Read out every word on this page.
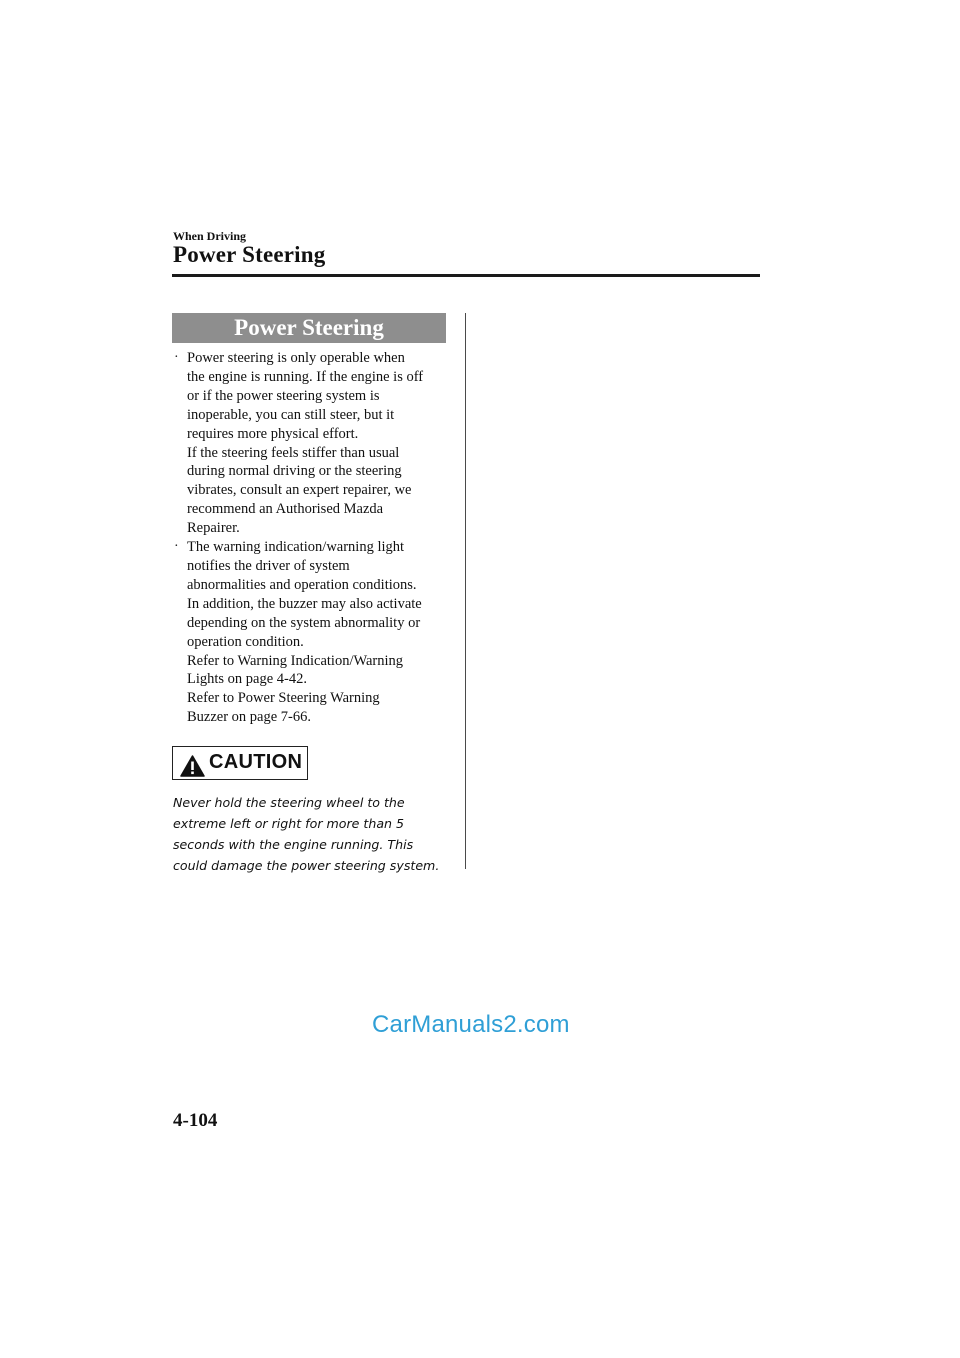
When Driving
Power Steering
Power Steering
· Power steering is only operable when
the engine is running. If the engine is off
or if the power steering system is
inoperable, you can still steer, but it
requires more physical effort.
If the steering feels stiffer than usual
during normal driving or the steering
vibrates, consult an expert repairer, we
recommend an Authorised Mazda
Repairer.
· The warning indication/warning light
notifies the driver of system
abnormalities and operation conditions.
In addition, the buzzer may also activate
depending on the system abnormality or
operation condition.
Refer to Warning Indication/Warning
Lights on page 4-42.
Refer to Power Steering Warning
Buzzer on page 7-66.
CAUTION
Never hold the steering wheel to the
extreme left or right for more than 5
seconds with the engine running. This
could damage the power steering system.
CarManuals2.com
4-104
